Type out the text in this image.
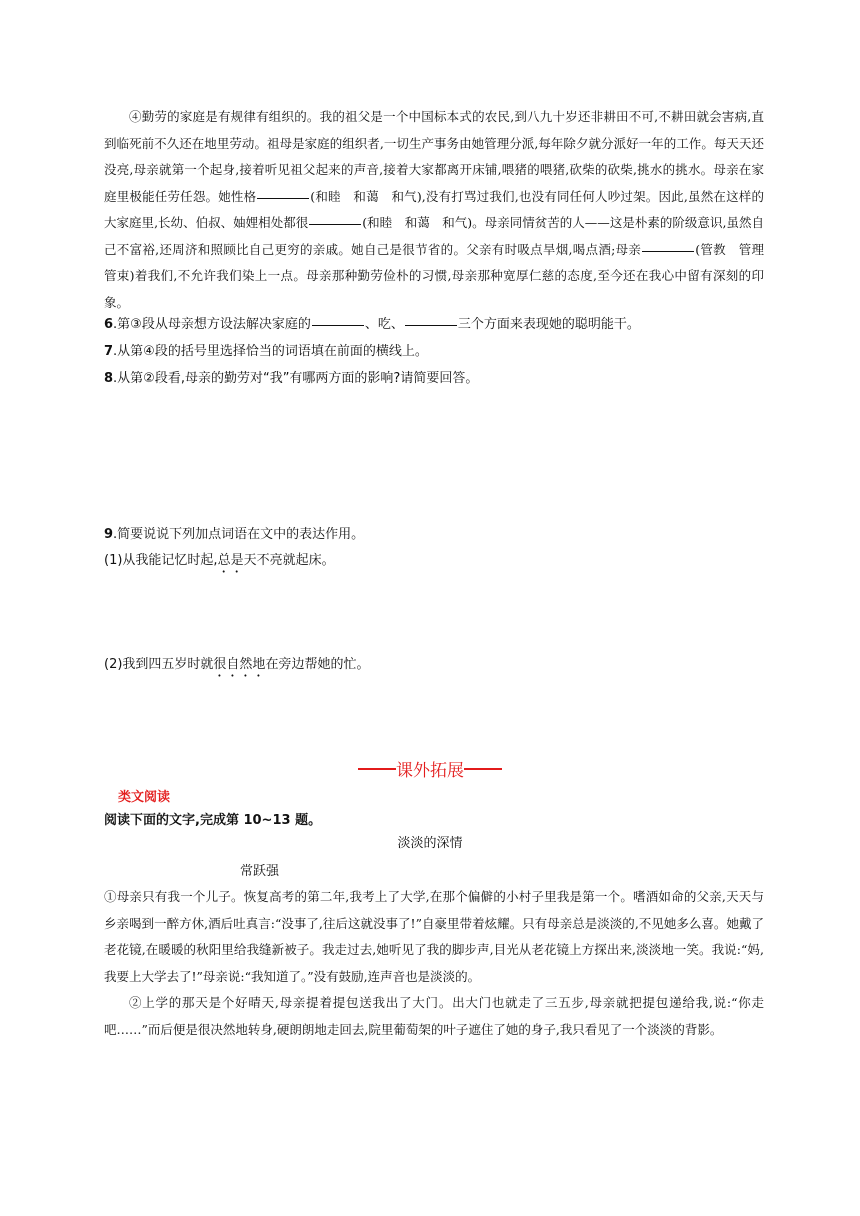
④勤劳的家庭是有规律有组织的。我的祖父是一个中国标本式的农民,到八九十岁还非耕田不可,不耕田就会害病,直到临死前不久还在地里劳动。祖母是家庭的组织者,一切生产事务由她管理分派,每年除夕就分派好一年的工作。每天天还没亮,母亲就第一个起身,接着听见祖父起来的声音,接着大家都离开床铺,喂猪的喂猪,砍柴的砍柴,挑水的挑水。母亲在家庭里极能任劳任怨。她性格	(和睦　和蔼　和气),没有打骂过我们,也没有同任何人吵过架。因此,虽然在这样的大家庭里,长幼、伯叔、妯娌相处都很	(和睦　和蔼　和气)。母亲同情贫苦的人——这是朴素的阶级意识,虽然自己不富裕,还周济和照顾比自己更穷的亲戚。她自己是很节省的。父亲有时吸点旱烟,喝点酒;母亲	(管教　管理　管束)着我们,不允许我们染上一点。母亲那种勤劳俭朴的习惯,母亲那种宽厚仁慈的态度,至今还在我心中留有深刻的印象。
6.第③段从母亲想方设法解决家庭的	、吃、	三个方面来表现她的聪明能干。
7.从第④段的括号里选择恰当的词语填在前面的横线上。
8.从第②段看,母亲的勤劳对“我”有哪两方面的影响?请简要回答。
9.简要说说下列加点词语在文中的表达作用。
(1)从我能记忆时起,总是天不亮就起床。
(2)我到四五岁时就很自然地在旁边帮她的忙。
课外拓展
类文阅读
阅读下面的文字,完成第 10~13 题。
淡淡的深情
常跃强
①母亲只有我一个儿子。恢复高考的第二年,我考上了大学,在那个偏僻的小村子里我是第一个。嗜酒如命的父亲,天天与乡亲喝到一醉方休,酒后吐真言:“没事了,往后这就没事了!”自豪里带着炫耀。只有母亲总是淡淡的,不见她多么喜。她戴了老花镜,在暖暖的秋阳里给我缝新被子。我走过去,她听见了我的脚步声,目光从老花镜上方探出来,淡淡地一笑。我说:“妈,我要上大学去了!”母亲说:“我知道了。”没有鼓励,连声音也是淡淡的。
②上学的那天是个好晴天,母亲提着提包送我出了大门。出大门也就走了三五步,母亲就把提包递给我,说:“你走吧……”而后便是很决然地转身,硬朗朗地走回去,院里葡萄架的叶子遮住了她的身子,我只看见了一个淡淡的背影。
